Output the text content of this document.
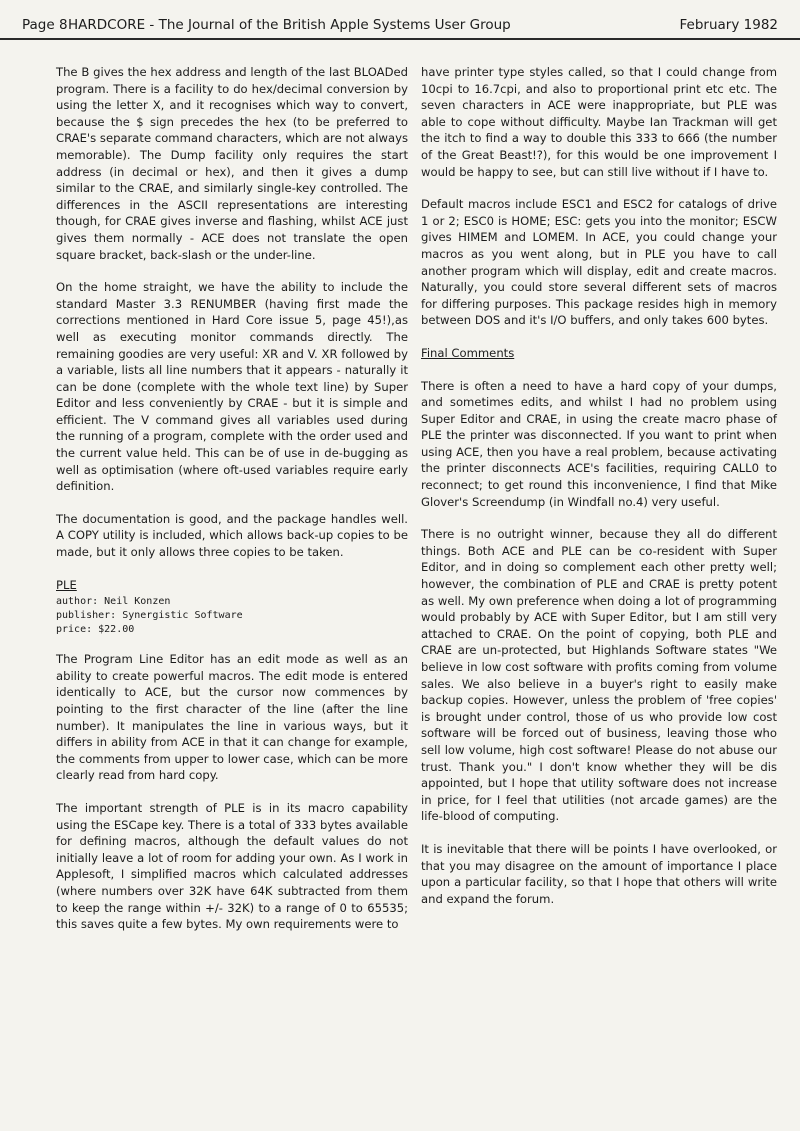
Page 8 HARDCORE - The Journal of the British Apple Systems User Group	February 1982

The B gives the hex address and length of the last BLOADed program. There is a facility to do hex/decimal conversion by using the letter X, and it recognises which way to convert, because the $ sign precedes the hex (to be preferred to CRAE's separate command characters, which are not always memorable). The Dump facility only requires the start address (in decimal or hex), and then it gives a dump similar to the CRAE, and similarly single-key controlled. The differences in the ASCII representations are interesting though, for CRAE gives inverse and flashing, whilst ACE just gives them normally - ACE does not translate the open square bracket, back-slash or the under-line.

On the home straight, we have the ability to include the standard Master 3.3 RENUMBER (having first made the corrections mentioned in Hard Core issue 5, page 45!),as well as executing monitor commands directly. The remaining goodies are very useful: XR and V. XR followed by a variable, lists all line numbers that it appears - naturally it can be done (complete with the whole text line) by Super Editor and less conveniently by CRAE - but it is simple and efficient. The V command gives all variables used during the running of a program, complete with the order used and the current value held. This can be of use in de-bugging as well as optimisation (where oft-used variables require early definition.

The documentation is good, and the package handles well. A COPY utility is included, which allows back-up copies to be made, but it only allows three copies to be taken.

PLE
author: Neil Konzen
publisher: Synergistic Software
price: $22.00

The Program Line Editor has an edit mode as well as an ability to create powerful macros. The edit mode is entered identically to ACE, but the cursor now commences by pointing to the first character of the line (after the line number). It manipulates the line in various ways, but it differs in ability from ACE in that it can change for example, the comments from upper to lower case, which can be more clearly read from hard copy.

The important strength of PLE is in its macro capability using the ESCape key. There is a total of 333 bytes available for defining macros, although the default values do not initially leave a lot of room for adding your own. As I work in Applesoft, I simplified macros which calculated addresses (where numbers over 32K have 64K subtracted from them to keep the range within +/- 32K) to a range of 0 to 65535; this saves quite a few bytes. My own requirements were to

have printer type styles called, so that I could change from 10cpi to 16.7cpi, and also to proportional print etc etc. The seven characters in ACE were inappropriate, but PLE was able to cope without difficulty. Maybe Ian Trackman will get the itch to find a way to double this 333 to 666 (the number of the Great Beast!?), for this would be one improvement I would be happy to see, but can still live without if I have to.

Default macros include ESC1 and ESC2 for catalogs of drive 1 or 2; ESC0 is HOME; ESC: gets you into the monitor; ESCW gives HIMEM and LOMEM. In ACE, you could change your macros as you went along, but in PLE you have to call another program which will display, edit and create macros. Naturally, you could store several different sets of macros for differing purposes. This package resides high in memory between DOS and it's I/O buffers, and only takes 600 bytes.

Final Comments

There is often a need to have a hard copy of your dumps, and sometimes edits, and whilst I had no problem using Super Editor and CRAE, in using the create macro phase of PLE the printer was disconnected. If you want to print when using ACE, then you have a real problem, because activating the printer disconnects ACE's facilities, requiring CALL0 to reconnect; to get round this inconvenience, I find that Mike Glover's Screendump (in Windfall no.4) very useful.

There is no outright winner, because they all do different things. Both ACE and PLE can be co-resident with Super Editor, and in doing so complement each other pretty well; however, the combination of PLE and CRAE is pretty potent as well. My own preference when doing a lot of programming would probably by ACE with Super Editor, but I am still very attached to CRAE. On the point of copying, both PLE and CRAE are un-protected, but Highlands Software states "We believe in low cost software with profits coming from volume sales. We also believe in a buyer's right to easily make backup copies. However, unless the problem of 'free copies' is brought under control, those of us who provide low cost software will be forced out of business, leaving those who sell low volume, high cost software! Please do not abuse our trust. Thank you." I don't know whether they will be dis appointed, but I hope that utility software does not increase in price, for I feel that utilities (not arcade games) are the life-blood of computing.

It is inevitable that there will be points I have overlooked, or that you may disagree on the amount of importance I place upon a particular facility, so that I hope that others will write and expand the forum.
